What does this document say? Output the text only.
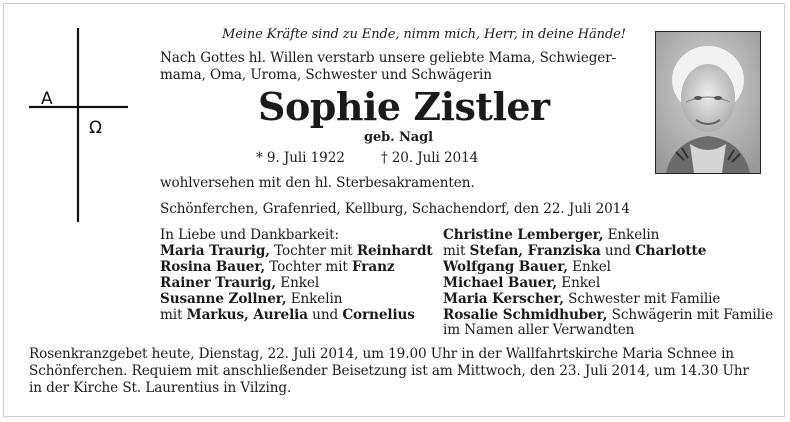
A
Ω
Meine Kräfte sind zu Ende, nimm mich, Herr, in deine Hände!
Nach Gottes hl. Willen verstarb unsere geliebte Mama, Schwieger-
mama, Oma, Uroma, Schwester und Schwägerin
Sophie Zistler
geb. Nagl
* 9. Juli 1922	† 20. Juli 2014
wohlversehen mit den hl. Sterbesakramenten.
Schönferchen, Grafenried, Kellburg, Schachendorf, den 22. Juli 2014
In Liebe und Dankbarkeit:
Maria Traurig, Tochter mit Reinhardt
Rosina Bauer, Tochter mit Franz
Rainer Traurig, Enkel
Susanne Zollner, Enkelin
mit Markus, Aurelia und Cornelius
Christine Lemberger, Enkelin
mit Stefan, Franziska und Charlotte
Wolfgang Bauer, Enkel
Michael Bauer, Enkel
Maria Kerscher, Schwester mit Familie
Rosalie Schmidhuber, Schwägerin mit Familie
im Namen aller Verwandten
Rosenkranzgebet heute, Dienstag, 22. Juli 2014, um 19.00 Uhr in der Wallfahrtskirche Maria Schnee in
Schönferchen. Requiem mit anschließender Beisetzung ist am Mittwoch, den 23. Juli 2014, um 14.30 Uhr
in der Kirche St. Laurentius in Vilzing.
